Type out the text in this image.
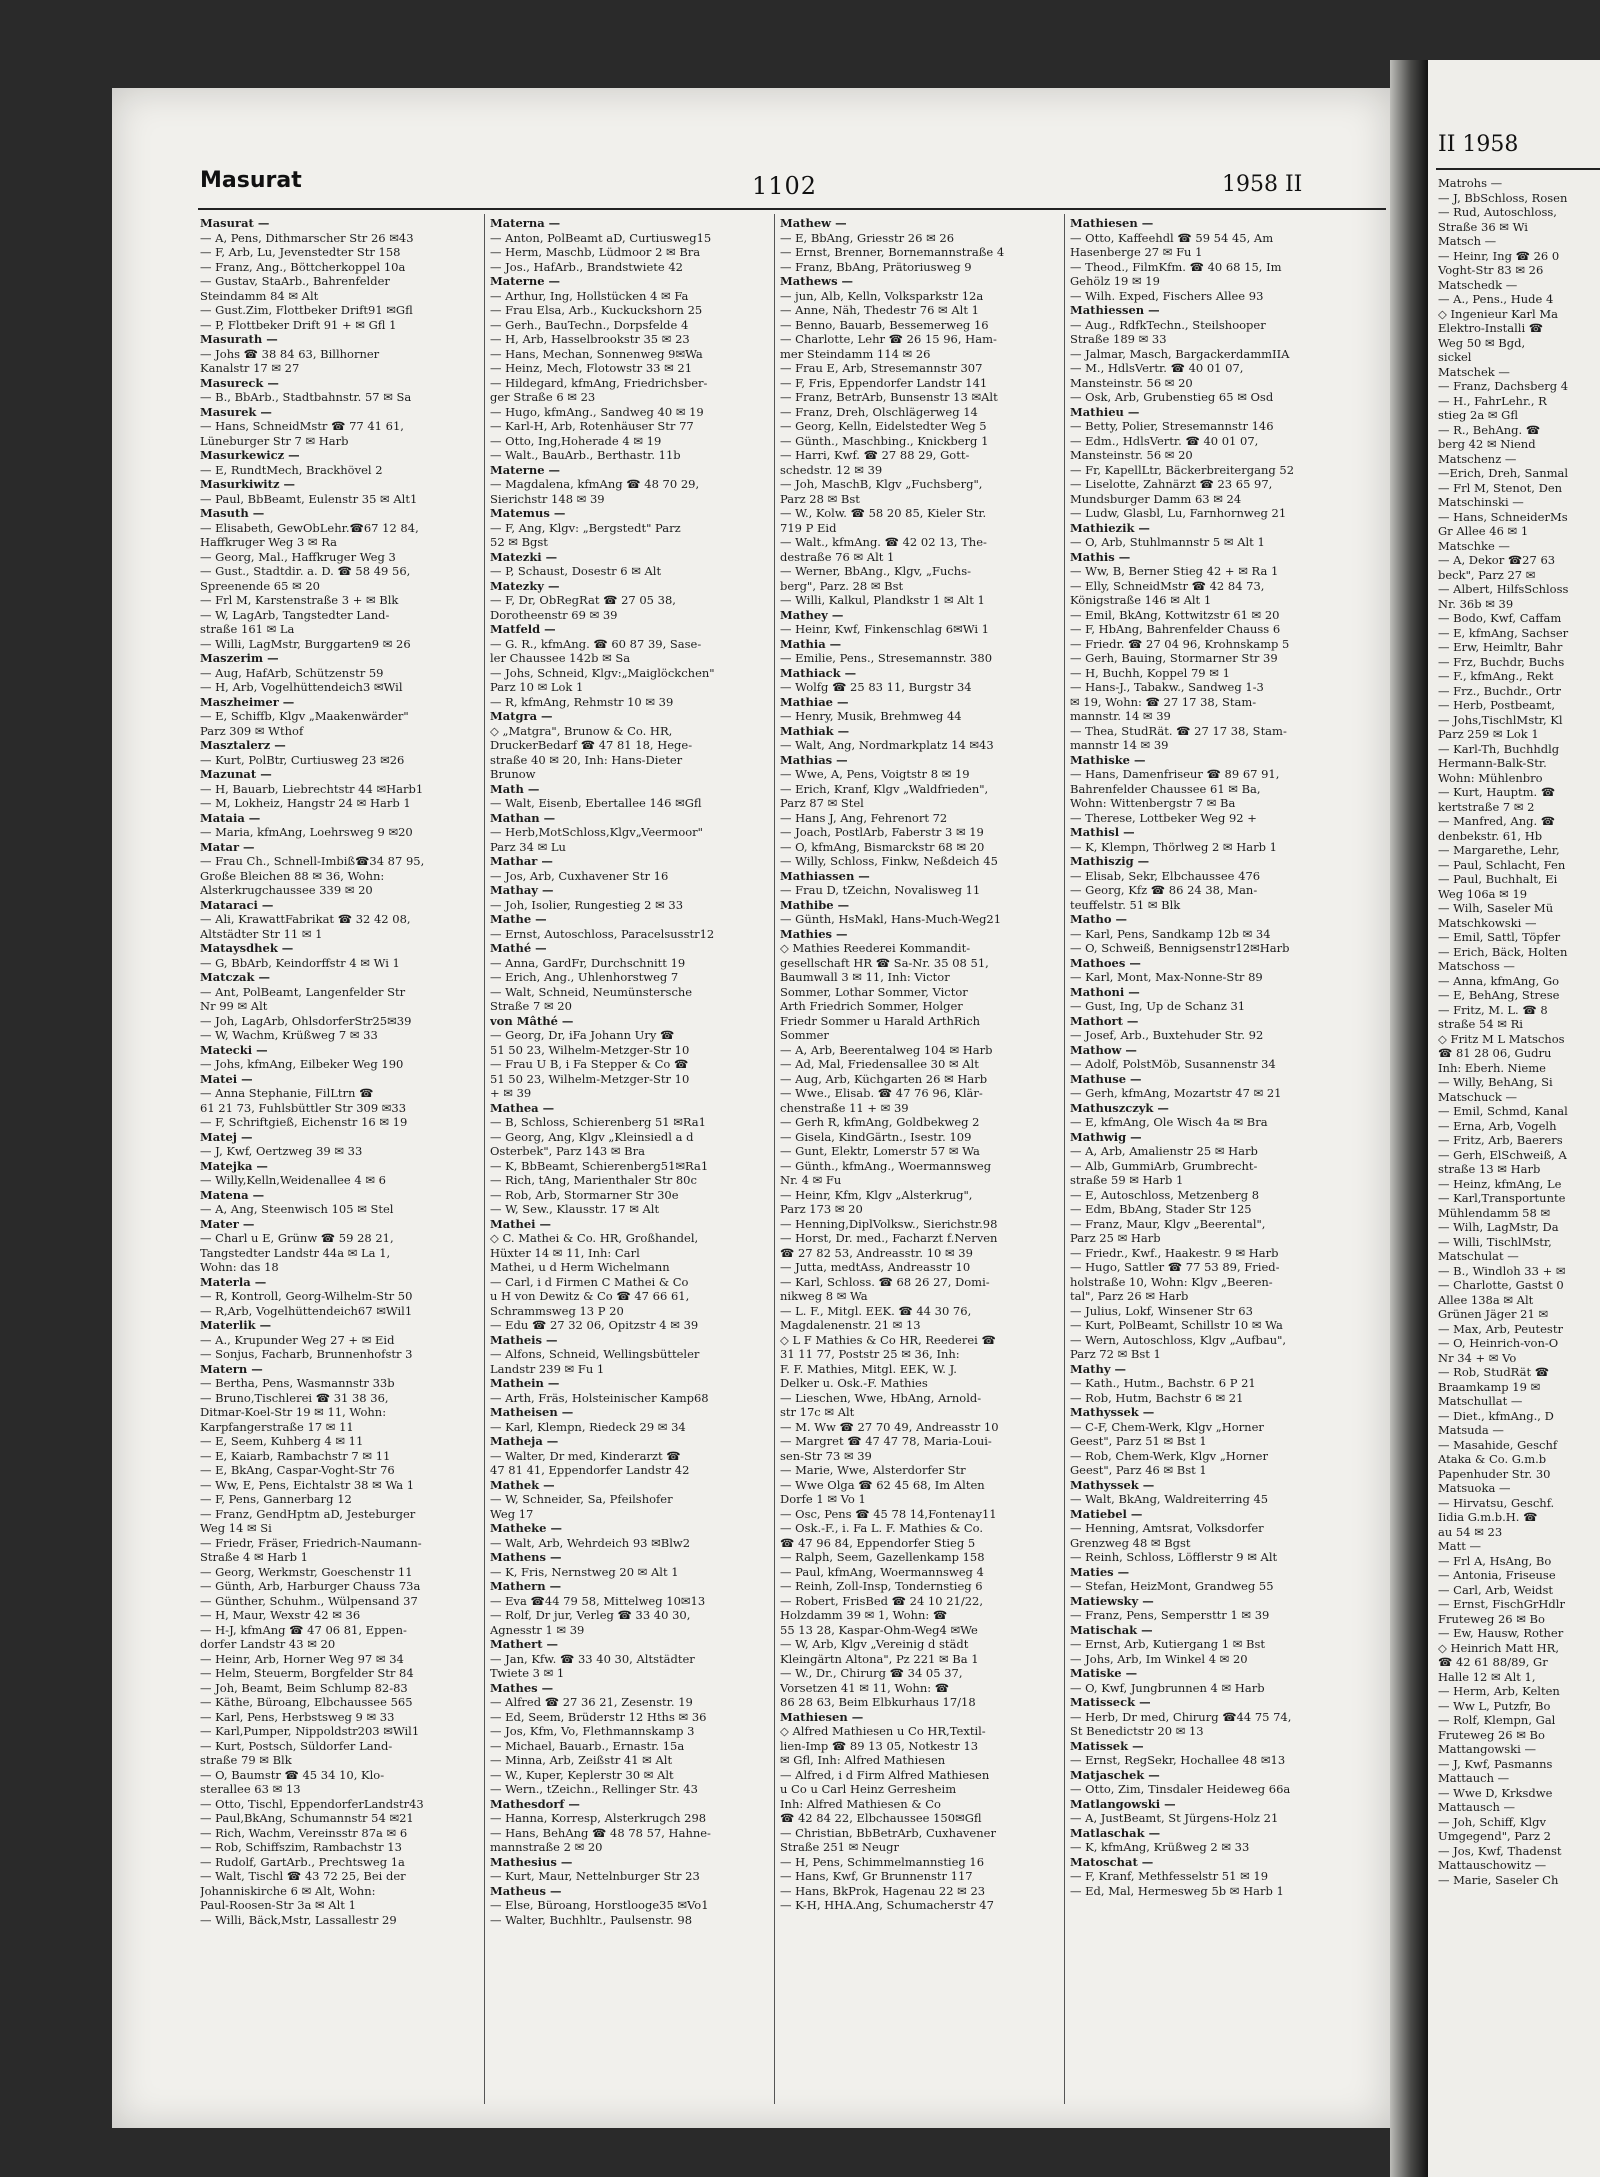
Masurat	1102	1958 II
Masurat —
— A, Pens, Dithmarscher Str 26 ✉43
— F, Arb, Lu, Jevenstedter Str 158
— Franz, Ang., Böttcherkoppel 10a
— Gustav, StaArb., Bahrenfelder
Steindamm 84 ✉ Alt
— Gust.Zim, Flottbeker Drift91 ✉Gfl
— P, Flottbeker Drift 91 + ✉ Gfl 1
Masurath —
— Johs ☎ 38 84 63, Billhorner
Kanalstr 17 ✉ 27
Masureck —
— B., BbArb., Stadtbahnstr. 57 ✉ Sa
Masurek —
— Hans, SchneidMstr ☎ 77 41 61,
Lüneburger Str 7 ✉ Harb
Masurkewicz —
— E, RundtMech, Brackhövel 2
Masurkiwitz —
— Paul, BbBeamt, Eulenstr 35 ✉ Alt1
Masuth —
— Elisabeth, GewObLehr.☎67 12 84,
Haffkruger Weg 3 ✉ Ra
— Georg, Mal., Haffkruger Weg 3
— Gust., Stadtdir. a. D. ☎ 58 49 56,
Spreenende 65 ✉ 20
— Frl M, Karstenstraße 3 + ✉ Blk
— W, LagArb, Tangstedter Land-
straße 161 ✉ La
— Willi, LagMstr, Burggarten9 ✉ 26
Maszerim —
— Aug, HafArb, Schützenstr 59
— H, Arb, Vogelhüttendeich3 ✉Wil
Maszheimer —
— E, Schiffb, Klgv „Maakenwärder"
Parz 309 ✉ Wthof
Masztalerz —
— Kurt, PolBtr, Curtiusweg 23 ✉26
Mazunat —
— H, Bauarb, Liebrechtstr 44 ✉Harb1
— M, Lokheiz, Hangstr 24 ✉ Harb 1
Mataia —
— Maria, kfmAng, Loehrsweg 9 ✉20
Matar —
— Frau Ch., Schnell-Imbiß☎34 87 95,
Große Bleichen 88 ✉ 36, Wohn:
Alsterkrugchaussee 339 ✉ 20
Mataraci —
— Ali, KrawattFabrikat ☎ 32 42 08,
Altstädter Str 11 ✉ 1
Mataysdhek —
— G, BbArb, Keindorffstr 4 ✉ Wi 1
Matczak —
— Ant, PolBeamt, Langenfelder Str
Nr 99 ✉ Alt
— Joh, LagArb, OhlsdorferStr25✉39
— W, Wachm, Krüßweg 7 ✉ 33
Matecki —
— Johs, kfmAng, Eilbeker Weg 190
Matei —
— Anna Stephanie, FilLtrn ☎
61 21 73, Fuhlsbüttler Str 309 ✉33
— F, Schriftgieß, Eichenstr 16 ✉ 19
Matej —
— J, Kwf, Oertzweg 39 ✉ 33
Matejka —
— Willy,Kelln,Weidenallee 4 ✉ 6
Matena —
— A, Ang, Steenwisch 105 ✉ Stel
Mater —
— Charl u E, Grünw ☎ 59 28 21,
Tangstedter Landstr 44a ✉ La 1,
Wohn: das 18
Materla —
— R, Kontroll, Georg-Wilhelm-Str 50
— R,Arb, Vogelhüttendeich67 ✉Wil1
Materlik —
— A., Krupunder Weg 27 + ✉ Eid
— Sonjus, Facharb, Brunnenhofstr 3
Matern —
— Bertha, Pens, Wasmannstr 33b
— Bruno,Tischlerei ☎ 31 38 36,
Ditmar-Koel-Str 19 ✉ 11, Wohn:
Karpfangerstraße 17 ✉ 11
— E, Seem, Kuhberg 4 ✉ 11
— E, Kaiarb, Rambachstr 7 ✉ 11
— E, BkAng, Caspar-Voght-Str 76
— Ww, E, Pens, Eichtalstr 38 ✉ Wa 1
— F, Pens, Gannerbarg 12
— Franz, GendHptm aD, Jesteburger
Weg 14 ✉ Si
— Friedr, Fräser, Friedrich-Naumann-
Straße 4 ✉ Harb 1
— Georg, Werkmstr, Goeschenstr 11
— Günth, Arb, Harburger Chauss 73a
— Günther, Schuhm., Wülpensand 37
— H, Maur, Wexstr 42 ✉ 36
— H-J, kfmAng ☎ 47 06 81, Eppen-
dorfer Landstr 43 ✉ 20
— Heinr, Arb, Horner Weg 97 ✉ 34
— Helm, Steuerm, Borgfelder Str 84
— Joh, Beamt, Beim Schlump 82-83
— Käthe, Büroang, Elbchaussee 565
— Karl, Pens, Herbstsweg 9 ✉ 33
— Karl,Pumper, Nippoldstr203 ✉Wil1
— Kurt, Postsch, Süldorfer Land-
straße 79 ✉ Blk
— O, Baumstr ☎ 45 34 10, Klo-
sterallee 63 ✉ 13
— Otto, Tischl, EppendorferLandstr43
— Paul,BkAng, Schumannstr 54 ✉21
— Rich, Wachm, Vereinsstr 87a ✉ 6
— Rob, Schiffszim, Rambachstr 13
— Rudolf, GartArb., Prechtsweg 1a
— Walt, Tischl ☎ 43 72 25, Bei der
Johanniskirche 6 ✉ Alt, Wohn:
Paul-Roosen-Str 3a ✉ Alt 1
— Willi, Bäck,Mstr, Lassallestr 29
Materna —
— Anton, PolBeamt aD, Curtiusweg15
— Herm, Maschb, Lüdmoor 2 ✉ Bra
— Jos., HafArb., Brandstwiete 42
Materne —
— Arthur, Ing, Hollstücken 4 ✉ Fa
— Frau Elsa, Arb., Kuckuckshorn 25
— Gerh., BauTechn., Dorpsfelde 4
— H, Arb, Hasselbrookstr 35 ✉ 23
— Hans, Mechan, Sonnenweg 9✉Wa
— Heinz, Mech, Flotowstr 33 ✉ 21
— Hildegard, kfmAng, Friedrichsber-
ger Straße 6 ✉ 23
— Hugo, kfmAng., Sandweg 40 ✉ 19
— Karl-H, Arb, Rotenhäuser Str 77
— Otto, Ing,Hoherade 4 ✉ 19
— Walt., BauArb., Berthastr. 11b
Materne —
— Magdalena, kfmAng ☎ 48 70 29,
Sierichstr 148 ✉ 39
Matemus —
— F, Ang, Klgv: „Bergstedt" Parz
52 ✉ Bgst
Matezki —
— P, Schaust, Dosestr 6 ✉ Alt
Matezky —
— F, Dr, ObRegRat ☎ 27 05 38,
Dorotheenstr 69 ✉ 39
Matfeld —
— G. R., kfmAng. ☎ 60 87 39, Sase-
ler Chaussee 142b ✉ Sa
— Johs, Schneid, Klgv:„Maiglöckchen"
Parz 10 ✉ Lok 1
— R, kfmAng, Rehmstr 10 ✉ 39
Matgra —
◇ „Matgra", Brunow & Co. HR,
DruckerBedarf ☎ 47 81 18, Hege-
straße 40 ✉ 20, Inh: Hans-Dieter
Brunow
Math —
— Walt, Eisenb, Ebertallee 146 ✉Gfl
Mathan —
— Herb,MotSchloss,Klgv„Veermoor"
Parz 34 ✉ Lu
Mathar —
— Jos, Arb, Cuxhavener Str 16
Mathay —
— Joh, Isolier, Rungestieg 2 ✉ 33
Mathe —
— Ernst, Autoschloss, Paracelsusstr12
Mathé —
— Anna, GardFr, Durchschnitt 19
— Erich, Ang., Uhlenhorstweg 7
— Walt, Schneid, Neumünstersche
Straße 7 ✉ 20
von Mâthé —
— Georg, Dr, iFa Johann Ury ☎
51 50 23, Wilhelm-Metzger-Str 10
— Frau U B, i Fa Stepper & Co ☎
51 50 23, Wilhelm-Metzger-Str 10
+ ✉ 39
Mathea —
— B, Schloss, Schierenberg 51 ✉Ra1
— Georg, Ang, Klgv „Kleinsiedl a d
Osterbek", Parz 143 ✉ Bra
— K, BbBeamt, Schierenberg51✉Ra1
— Rich, tAng, Marienthaler Str 80c
— Rob, Arb, Stormarner Str 30e
— W, Sew., Klausstr. 17 ✉ Alt
Mathei —
◇ C. Mathei & Co. HR, Großhandel,
Hüxter 14 ✉ 11, Inh: Carl
Mathei, u d Herm Wichelmann
— Carl, i d Firmen C Mathei & Co
u H von Dewitz & Co ☎ 47 66 61,
Schrammsweg 13 P 20
— Edu ☎ 27 32 06, Opitzstr 4 ✉ 39
Matheis —
— Alfons, Schneid, Wellingsbütteler
Landstr 239 ✉ Fu 1
Mathein —
— Arth, Fräs, Holsteinischer Kamp68
Matheisen —
— Karl, Klempn, Riedeck 29 ✉ 34
Matheja —
— Walter, Dr med, Kinderarzt ☎
47 81 41, Eppendorfer Landstr 42
Mathek —
— W, Schneider, Sa, Pfeilshofer
Weg 17
Matheke —
— Walt, Arb, Wehrdeich 93 ✉Blw2
Mathens —
— K, Fris, Nernstweg 20 ✉ Alt 1
Mathern —
— Eva ☎44 79 58, Mittelweg 10✉13
— Rolf, Dr jur, Verleg ☎ 33 40 30,
Agnesstr 1 ✉ 39
Mathert —
— Jan, Kfw. ☎ 33 40 30, Altstädter
Twiete 3 ✉ 1
Mathes —
— Alfred ☎ 27 36 21, Zesenstr. 19
— Ed, Seem, Brüderstr 12 Hths ✉ 36
— Jos, Kfm, Vo, Flethmannskamp 3
— Michael, Bauarb., Ernastr. 15a
— Minna, Arb, Zeißstr 41 ✉ Alt
— W., Kuper, Keplerstr 30 ✉ Alt
— Wern., tZeichn., Rellinger Str. 43
Mathesdorf —
— Hanna, Korresp, Alsterkrugch 298
— Hans, BehAng ☎ 48 78 57, Hahne-
mannstraße 2 ✉ 20
Mathesius —
— Kurt, Maur, Nettelnburger Str 23
Matheus —
— Else, Büroang, Horstlooge35 ✉Vo1
— Walter, Buchhltr., Paulsenstr. 98
Mathew —
— E, BbAng, Griesstr 26 ✉ 26
— Ernst, Brenner, Bornemannstraße 4
— Franz, BbAng, Prätoriusweg 9
Mathews —
— jun, Alb, Kelln, Volksparkstr 12a
— Anne, Näh, Thedestr 76 ✉ Alt 1
— Benno, Bauarb, Bessemerweg 16
— Charlotte, Lehr ☎ 26 15 96, Ham-
mer Steindamm 114 ✉ 26
— Frau E, Arb, Stresemannstr 307
— F, Fris, Eppendorfer Landstr 141
— Franz, BetrArb, Bunsenstr 13 ✉Alt
— Franz, Dreh, Olschlägerweg 14
— Georg, Kelln, Eidelstedter Weg 5
— Günth., Maschbing., Knickberg 1
— Harri, Kwf. ☎ 27 88 29, Gott-
schedstr. 12 ✉ 39
— Joh, MaschB, Klgv „Fuchsberg",
Parz 28 ✉ Bst
— W., Kolw. ☎ 58 20 85, Kieler Str.
719 P Eid
— Walt., kfmAng. ☎ 42 02 13, The-
destraße 76 ✉ Alt 1
— Werner, BbAng., Klgv, „Fuchs-
berg", Parz. 28 ✉ Bst
— Willi, Kalkul, Plandkstr 1 ✉ Alt 1
Mathey —
— Heinr, Kwf, Finkenschlag 6✉Wi 1
Mathia —
— Emilie, Pens., Stresemannstr. 380
Mathiack —
— Wolfg ☎ 25 83 11, Burgstr 34
Mathiae —
— Henry, Musik, Brehmweg 44
Mathiak —
— Walt, Ang, Nordmarkplatz 14 ✉43
Mathias —
— Wwe, A, Pens, Voigtstr 8 ✉ 19
— Erich, Kranf, Klgv „Waldfrieden",
Parz 87 ✉ Stel
— Hans J, Ang, Fehrenort 72
— Joach, PostlArb, Faberstr 3 ✉ 19
— O, kfmAng, Bismarckstr 68 ✉ 20
— Willy, Schloss, Finkw, Neßdeich 45
Mathiassen —
— Frau D, tZeichn, Novalisweg 11
Mathibe —
— Günth, HsMakl, Hans-Much-Weg21
Mathies —
◇ Mathies Reederei Kommandit-
gesellschaft HR ☎ Sa-Nr. 35 08 51,
Baumwall 3 ✉ 11, Inh: Victor
Sommer, Lothar Sommer, Victor
Arth Friedrich Sommer, Holger
Friedr Sommer u Harald ArthRich
Sommer
— A, Arb, Beerentalweg 104 ✉ Harb
— Ad, Mal, Friedensallee 30 ✉ Alt
— Aug, Arb, Küchgarten 26 ✉ Harb
— Wwe., Elisab. ☎ 47 76 96, Klär-
chenstraße 11 + ✉ 39
— Gerh R, kfmAng, Goldbekweg 2
— Gisela, KindGärtn., Isestr. 109
— Gunt, Elektr, Lomerstr 57 ✉ Wa
— Günth., kfmAng., Woermannsweg
Nr. 4 ✉ Fu
— Heinr, Kfm, Klgv „Alsterkrug",
Parz 173 ✉ 20
— Henning,DiplVolksw., Sierichstr.98
— Horst, Dr. med., Facharzt f.Nerven
☎ 27 82 53, Andreasstr. 10 ✉ 39
— Jutta, medtAss, Andreasstr 10
— Karl, Schloss. ☎ 68 26 27, Domi-
nikweg 8 ✉ Wa
— L. F., Mitgl. EEK. ☎ 44 30 76,
Magdalenenstr. 21 ✉ 13
◇ L F Mathies & Co HR, Reederei ☎
31 11 77, Poststr 25 ✉ 36, Inh:
F. F. Mathies, Mitgl. EEK, W. J.
Delker u. Osk.-F. Mathies
— Lieschen, Wwe, HbAng, Arnold-
str 17c ✉ Alt
— M. Ww ☎ 27 70 49, Andreasstr 10
— Margret ☎ 47 47 78, Maria-Loui-
sen-Str 73 ✉ 39
— Marie, Wwe, Alsterdorfer Str
— Wwe Olga ☎ 62 45 68, Im Alten
Dorfe 1 ✉ Vo 1
— Osc, Pens ☎ 45 78 14,Fontenay11
— Osk.-F., i. Fa L. F. Mathies & Co.
☎ 47 96 84, Eppendorfer Stieg 5
— Ralph, Seem, Gazellenkamp 158
— Paul, kfmAng, Woermannsweg 4
— Reinh, Zoll-Insp, Tondernstieg 6
— Robert, FrisBed ☎ 24 10 21/22,
Holzdamm 39 ✉ 1, Wohn: ☎
55 13 28, Kaspar-Ohm-Weg4 ✉We
— W, Arb, Klgv „Vereinig d städt
Kleingärtn Altona", Pz 221 ✉ Ba 1
— W., Dr., Chirurg ☎ 34 05 37,
Vorsetzen 41 ✉ 11, Wohn: ☎
86 28 63, Beim Elbkurhaus 17/18
Mathiesen —
◇ Alfred Mathiesen u Co HR,Textil-
lien-Imp ☎ 89 13 05, Notkestr 13
✉ Gfl, Inh: Alfred Mathiesen
— Alfred, i d Firm Alfred Mathiesen
u Co u Carl Heinz Gerresheim
Inh: Alfred Mathiesen & Co
☎ 42 84 22, Elbchaussee 150✉Gfl
— Christian, BbBetrArb, Cuxhavener
Straße 251 ✉ Neugr
— H, Pens, Schimmelmannstieg 16
— Hans, Kwf, Gr Brunnenstr 117
— Hans, BkProk, Hagenau 22 ✉ 23
— K-H, HHA.Ang, Schumacherstr 47
Mathiesen —
— Otto, Kaffeehdl ☎ 59 54 45, Am
Hasenberge 27 ✉ Fu 1
— Theod., FilmKfm. ☎ 40 68 15, Im
Gehölz 19 ✉ 19
— Wilh. Exped, Fischers Allee 93
Mathiessen —
— Aug., RdfkTechn., Steilshooper
Straße 189 ✉ 33
— Jalmar, Masch, BargackerdammIIA
— M., HdlsVertr. ☎ 40 01 07,
Mansteinstr. 56 ✉ 20
— Osk, Arb, Grubenstieg 65 ✉ Osd
Mathieu —
— Betty, Polier, Stresemannstr 146
— Edm., HdlsVertr. ☎ 40 01 07,
Mansteinstr. 56 ✉ 20
— Fr, KapellLtr, Bäckerbreitergang 52
— Liselotte, Zahnärzt ☎ 23 65 97,
Mundsburger Damm 63 ✉ 24
— Ludw, Glasbl, Lu, Farnhornweg 21
Mathiezik —
— O, Arb, Stuhlmannstr 5 ✉ Alt 1
Mathis —
— Ww, B, Berner Stieg 42 + ✉ Ra 1
— Elly, SchneidMstr ☎ 42 84 73,
Königstraße 146 ✉ Alt 1
— Emil, BkAng, Kottwitzstr 61 ✉ 20
— F, HbAng, Bahrenfelder Chauss 6
— Friedr. ☎ 27 04 96, Krohnskamp 5
— Gerh, Bauing, Stormarner Str 39
— H, Buchh, Koppel 79 ✉ 1
— Hans-J., Tabakw., Sandweg 1-3
✉ 19, Wohn: ☎ 27 17 38, Stam-
mannstr. 14 ✉ 39
— Thea, StudRät. ☎ 27 17 38, Stam-
mannstr 14 ✉ 39
Mathiske —
— Hans, Damenfriseur ☎ 89 67 91,
Bahrenfelder Chaussee 61 ✉ Ba,
Wohn: Wittenbergstr 7 ✉ Ba
— Therese, Lottbeker Weg 92 +
Mathisl —
— K, Klempn, Thörlweg 2 ✉ Harb 1
Mathiszig —
— Elisab, Sekr, Elbchaussee 476
— Georg, Kfz ☎ 86 24 38, Man-
teuffelstr. 51 ✉ Blk
Matho —
— Karl, Pens, Sandkamp 12b ✉ 34
— O, Schweiß, Bennigsenstr12✉Harb
Mathoes —
— Karl, Mont, Max-Nonne-Str 89
Mathoni —
— Gust, Ing, Up de Schanz 31
Mathort —
— Josef, Arb., Buxtehuder Str. 92
Mathow —
— Adolf, PolstMöb, Susannenstr 34
Mathuse —
— Gerh, kfmAng, Mozartstr 47 ✉ 21
Mathuszczyk —
— E, kfmAng, Ole Wisch 4a ✉ Bra
Mathwig —
— A, Arb, Amalienstr 25 ✉ Harb
— Alb, GummiArb, Grumbrecht-
straße 59 ✉ Harb 1
— E, Autoschloss, Metzenberg 8
— Edm, BbAng, Stader Str 125
— Franz, Maur, Klgv „Beerental",
Parz 25 ✉ Harb
— Friedr., Kwf., Haakestr. 9 ✉ Harb
— Hugo, Sattler ☎ 77 53 89, Fried-
holstraße 10, Wohn: Klgv „Beeren-
tal", Parz 26 ✉ Harb
— Julius, Lokf, Winsener Str 63
— Kurt, PolBeamt, Schillstr 10 ✉ Wa
— Wern, Autoschloss, Klgv „Aufbau",
Parz 72 ✉ Bst 1
Mathy —
— Kath., Hutm., Bachstr. 6 P 21
— Rob, Hutm, Bachstr 6 ✉ 21
Mathyssek —
— C-F, Chem-Werk, Klgv „Horner
Geest", Parz 51 ✉ Bst 1
— Rob, Chem-Werk, Klgv „Horner
Geest", Parz 46 ✉ Bst 1
Mathyssek —
— Walt, BkAng, Waldreiterring 45
Matiebel —
— Henning, Amtsrat, Volksdorfer
Grenzweg 48 ✉ Bgst
— Reinh, Schloss, Löfflerstr 9 ✉ Alt
Maties —
— Stefan, HeizMont, Grandweg 55
Matiewsky —
— Franz, Pens, Sempersttr 1 ✉ 39
Matischak —
— Ernst, Arb, Kutiergang 1 ✉ Bst
— Johs, Arb, Im Winkel 4 ✉ 20
Matiske —
— O, Kwf, Jungbrunnen 4 ✉ Harb
Matisseck —
— Herb, Dr med, Chirurg ☎44 75 74,
St Benedictstr 20 ✉ 13
Matissek —
— Ernst, RegSekr, Hochallee 48 ✉13
Matjaschek —
— Otto, Zim, Tinsdaler Heideweg 66a
Matlangowski —
— A, JustBeamt, St Jürgens-Holz 21
Matlaschak —
— K, kfmAng, Krüßweg 2 ✉ 33
Matoschat —
— F, Kranf, Methfesselstr 51 ✉ 19
— Ed, Mal, Hermesweg 5b ✉ Harb 1
II 1958
Matrohs —
— J, BbSchloss, Rosen
— Rud, Autoschloss,
Straße 36 ✉ Wi
Matsch —
— Heinr, Ing ☎ 26 0
Voght-Str 83 ✉ 26
Matschedk —
— A., Pens., Hude 4
◇ Ingenieur Karl Ma
Elektro-Installi ☎
Weg 50 ✉ Bgd,
sickel
Matschek —
— Franz, Dachsberg 4
— H., FahrLehr., R
stieg 2a ✉ Gfl
— R., BehAng. ☎
berg 42 ✉ Niend
Matschenz —
—Erich, Dreh, Sanmal
— Frl M, Stenot, Den
Matschinski —
— Hans, SchneiderMs
Gr Allee 46 ✉ 1
Matschke —
— A, Dekor ☎27 63
beck", Parz 27 ✉
— Albert, HilfsSchloss
Nr. 36b ✉ 39
— Bodo, Kwf, Caffam
— E, kfmAng, Sachser
— Erw, Heimltr, Bahr
— Frz, Buchdr, Buchs
— F., kfmAng., Rekt
— Frz., Buchdr., Ortr
— Herb, Postbeamt,
— Johs,TischlMstr, Kl
Parz 259 ✉ Lok 1
— Karl-Th, Buchhdlg
Hermann-Balk-Str.
Wohn: Mühlenbro
— Kurt, Hauptm. ☎
kertstraße 7 ✉ 2
— Manfred, Ang. ☎
denbekstr. 61, Hb
— Margarethe, Lehr,
— Paul, Schlacht, Fen
— Paul, Buchhalt, Ei
Weg 106a ✉ 19
— Wilh, Saseler Mü
Matschkowski —
— Emil, Sattl, Töpfer
— Erich, Bäck, Holten
Matschoss —
— Anna, kfmAng, Go
— E, BehAng, Strese
— Fritz, M. L. ☎ 8
straße 54 ✉ Ri
◇ Fritz M L Matschos
☎ 81 28 06, Gudru
Inh: Eberh. Nieme
— Willy, BehAng, Si
Matschuck —
— Emil, Schmd, Kanal
— Erna, Arb, Vogelh
— Fritz, Arb, Baerers
— Gerh, ElSchweiß, A
straße 13 ✉ Harb
— Heinz, kfmAng, Le
— Karl,Transportunte
Mühlendamm 58 ✉
— Wilh, LagMstr, Da
— Willi, TischlMstr,
Matschulat —
— B., Windloh 33 + ✉
— Charlotte, Gastst 0
Allee 138a ✉ Alt
Grünen Jäger 21 ✉
— Max, Arb, Peutestr
— O, Heinrich-von-O
Nr 34 + ✉ Vo
— Rob, StudRät ☎
Braamkamp 19 ✉
Matschullat —
— Diet., kfmAng., D
Matsuda —
— Masahide, Geschf
Ataka & Co. G.m.b
Papenhuder Str. 30
Matsuoka —
— Hirvatsu, Geschf.
Iidia G.m.b.H. ☎
au 54 ✉ 23
Matt —
— Frl A, HsAng, Bo
— Antonia, Friseuse
— Carl, Arb, Weidst
— Ernst, FischGrHdlr
Fruteweg 26 ✉ Bo
— Ew, Hausw, Rother
◇ Heinrich Matt HR,
☎ 42 61 88/89, Gr
Halle 12 ✉ Alt 1,
— Herm, Arb, Kelten
— Ww L, Putzfr, Bo
— Rolf, Klempn, Gal
Fruteweg 26 ✉ Bo
Mattangowski —
— J, Kwf, Pasmanns
Mattauch —
— Wwe D, Krksdwe
Mattausch —
— Joh, Schiff, Klgv
Umgegend", Parz 2
— Jos, Kwf, Thadenst
Mattauschowitz —
— Marie, Saseler Ch
